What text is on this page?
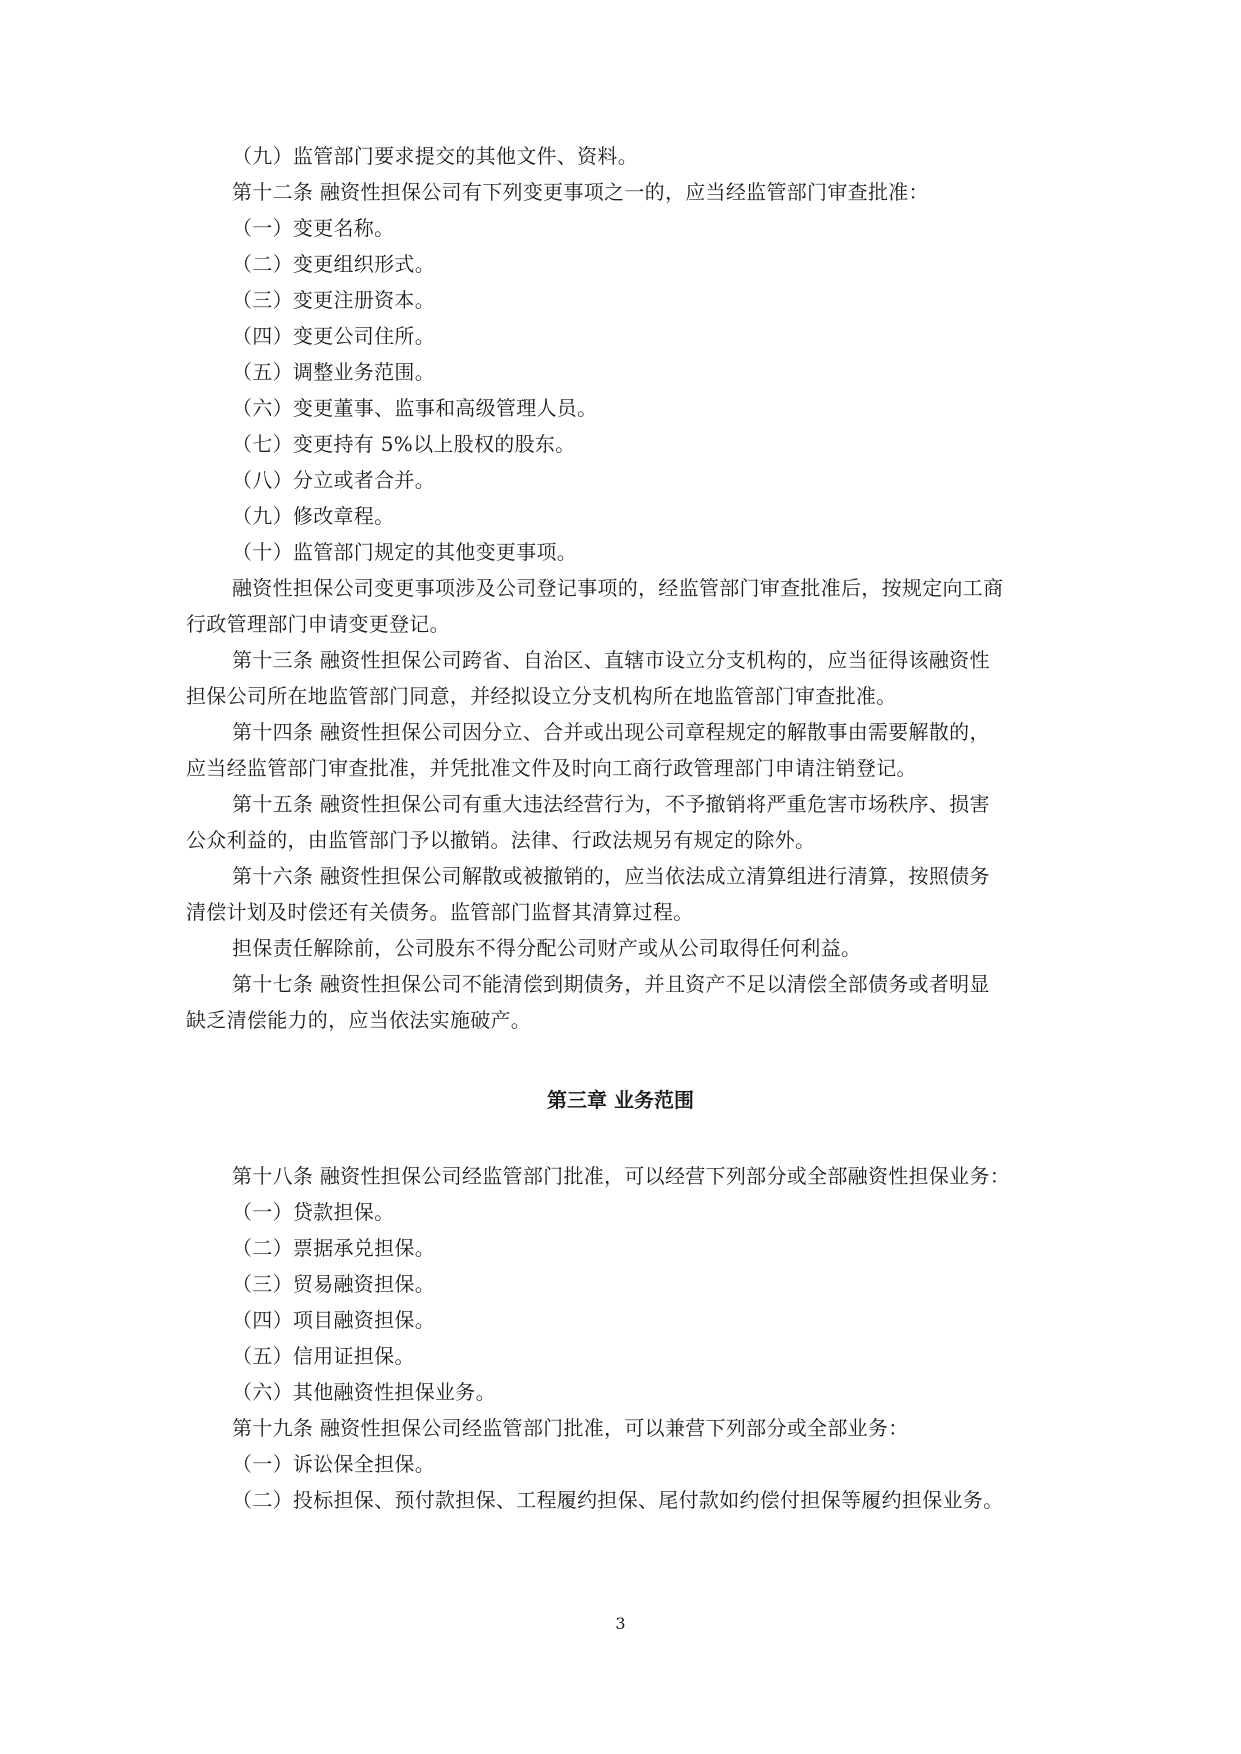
（九）监管部门要求提交的其他文件、资料。
第十二条 融资性担保公司有下列变更事项之一的，应当经监管部门审查批准：
（一）变更名称。
（二）变更组织形式。
（三）变更注册资本。
（四）变更公司住所。
（五）调整业务范围。
（六）变更董事、监事和高级管理人员。
（七）变更持有 5%以上股权的股东。
（八）分立或者合并。
（九）修改章程。
（十）监管部门规定的其他变更事项。
融资性担保公司变更事项涉及公司登记事项的，经监管部门审查批准后，按规定向工商
行政管理部门申请变更登记。
第十三条 融资性担保公司跨省、自治区、直辖市设立分支机构的，应当征得该融资性
担保公司所在地监管部门同意，并经拟设立分支机构所在地监管部门审查批准。
第十四条 融资性担保公司因分立、合并或出现公司章程规定的解散事由需要解散的，
应当经监管部门审查批准，并凭批准文件及时向工商行政管理部门申请注销登记。
第十五条 融资性担保公司有重大违法经营行为，不予撤销将严重危害市场秩序、损害
公众利益的，由监管部门予以撤销。法律、行政法规另有规定的除外。
第十六条 融资性担保公司解散或被撤销的，应当依法成立清算组进行清算，按照债务
清偿计划及时偿还有关债务。监管部门监督其清算过程。
担保责任解除前，公司股东不得分配公司财产或从公司取得任何利益。
第十七条 融资性担保公司不能清偿到期债务，并且资产不足以清偿全部债务或者明显
缺乏清偿能力的，应当依法实施破产。
第三章 业务范围
第十八条 融资性担保公司经监管部门批准，可以经营下列部分或全部融资性担保业务：
（一）贷款担保。
（二）票据承兑担保。
（三）贸易融资担保。
（四）项目融资担保。
（五）信用证担保。
（六）其他融资性担保业务。
第十九条 融资性担保公司经监管部门批准，可以兼营下列部分或全部业务：
（一）诉讼保全担保。
（二）投标担保、预付款担保、工程履约担保、尾付款如约偿付担保等履约担保业务。
3
